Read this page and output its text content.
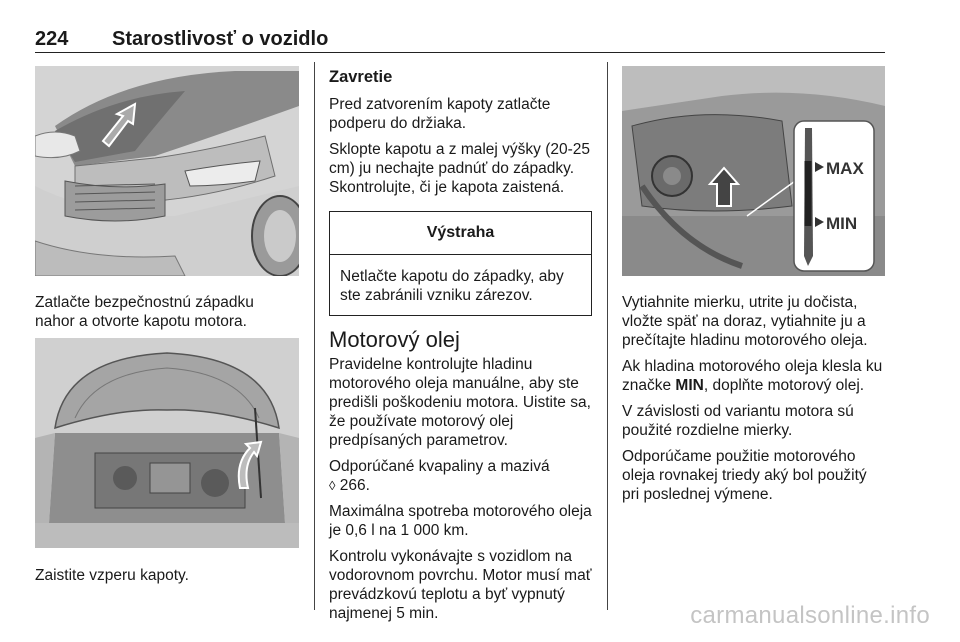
224 Starostlivosť o vozidlo

Zatlačte bezpečnostnú západku nahor a otvorte kapotu motora.

Zaistite vzperu kapoty.

Zavretie

Pred zatvorením kapoty zatlačte podperu do držiaka.

Sklopte kapotu a z malej výšky (20-25 cm) ju nechajte padnúť do západky. Skontrolujte, či je kapota zaistená.

Výstraha
Netlačte kapotu do západky, aby ste zabránili vzniku zárezov.
Motorový olej

Pravidelne kontrolujte hladinu motorového oleja manuálne, aby ste predišli poškodeniu motora. Uistite sa, že používate motorový olej predpísaných parametrov.

Odporúčané kvapaliny a mazivá
◊ 266.

Maximálna spotreba motorového oleja je 0,6 l na 1 000 km.

Kontrolu vykonávajte s vozidlom na vodorovnom povrchu. Motor musí mať prevádzkovú teplotu a byť vypnutý najmenej 5 min.

MAX
MIN

Vytiahnite mierku, utrite ju dočista, vložte späť na doraz, vytiahnite ju a prečítajte hladinu motorového oleja.

Ak hladina motorového oleja klesla ku značke MIN, doplňte motorový olej.

V závislosti od variantu motora sú použité rozdielne mierky.

Odporúčame použitie motorového oleja rovnakej triedy aký bol použitý pri poslednej výmene.

carmanualsonline.info
